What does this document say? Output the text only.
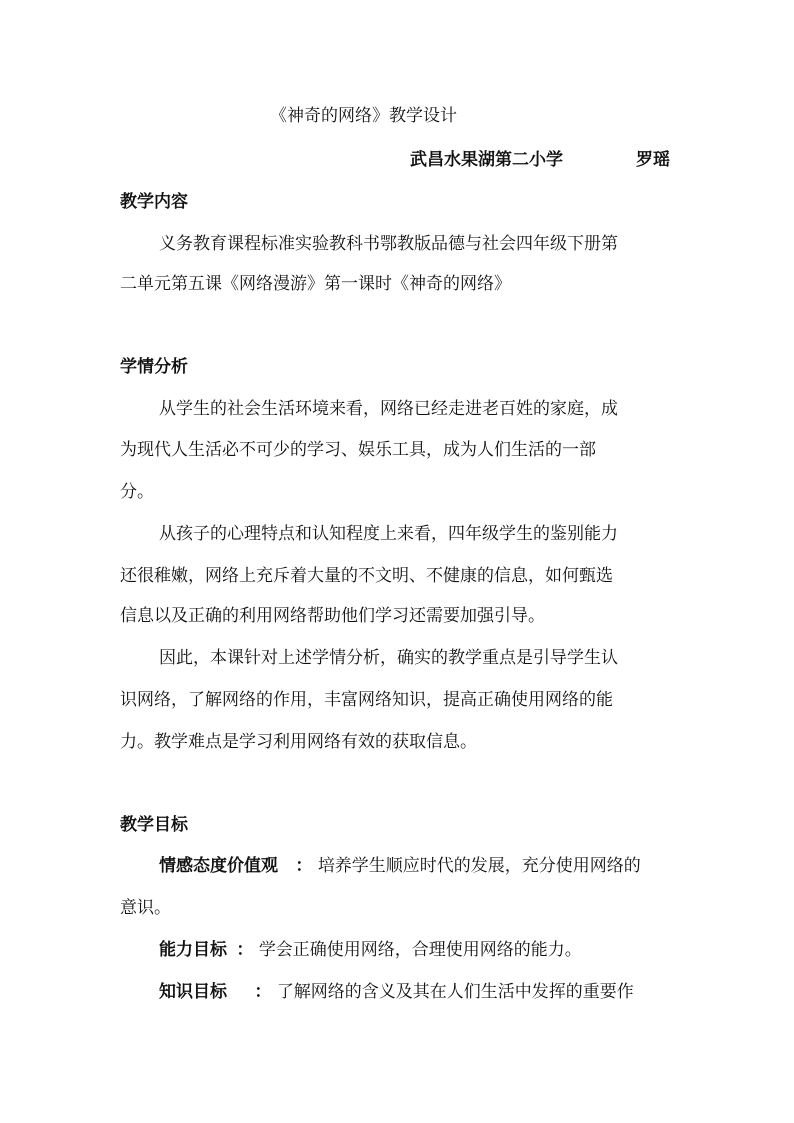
《神奇的网络》教学设计
武昌水果湖第二小学	罗瑶
教学内容
义务教育课程标准实验教科书鄂教版品德与社会四年级下册第
二单元第五课《网络漫游》第一课时《神奇的网络》
学情分析
从学生的社会生活环境来看，网络已经走进老百姓的家庭，成
为现代人生活必不可少的学习、娱乐工具，成为人们生活的一部
分。
从孩子的心理特点和认知程度上来看，四年级学生的鉴别能力
还很稚嫩，网络上充斥着大量的不文明、不健康的信息，如何甄选
信息以及正确的利用网络帮助他们学习还需要加强引导。
因此，本课针对上述学情分析，确实的教学重点是引导学生认
识网络，了解网络的作用，丰富网络知识，提高正确使用网络的能
力。教学难点是学习利用网络有效的获取信息。
教学目标
情感态度价值观 ： 培养学生顺应时代的发展，充分使用网络的
意识。
能力目标 ： 学会正确使用网络，合理使用网络的能力。
知识目标 ： 了解网络的含义及其在人们生活中发挥的重要作
